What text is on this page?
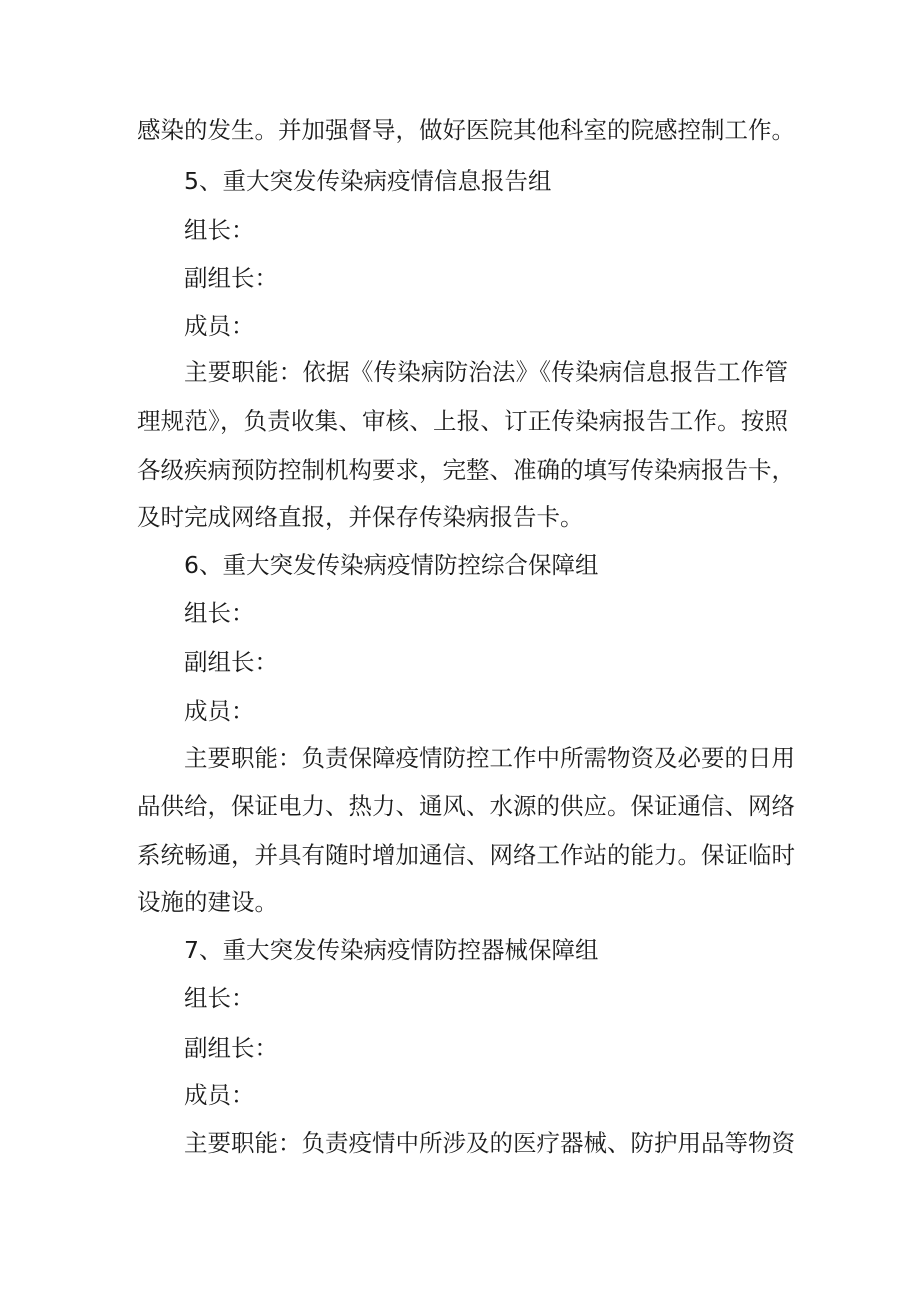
感染的发生。并加强督导，做好医院其他科室的院感控制工作。
5、重大突发传染病疫情信息报告组
组长：
副组长：
成员：
主要职能：依据《传染病防治法》《传染病信息报告工作管
理规范》，负责收集、审核、上报、订正传染病报告工作。按照
各级疾病预防控制机构要求，完整、准确的填写传染病报告卡，
及时完成网络直报，并保存传染病报告卡。
6、重大突发传染病疫情防控综合保障组
组长：
副组长：
成员：
主要职能：负责保障疫情防控工作中所需物资及必要的日用
品供给，保证电力、热力、通风、水源的供应。保证通信、网络
系统畅通，并具有随时增加通信、网络工作站的能力。保证临时
设施的建设。
7、重大突发传染病疫情防控器械保障组
组长：
副组长：
成员：
主要职能：负责疫情中所涉及的医疗器械、防护用品等物资
